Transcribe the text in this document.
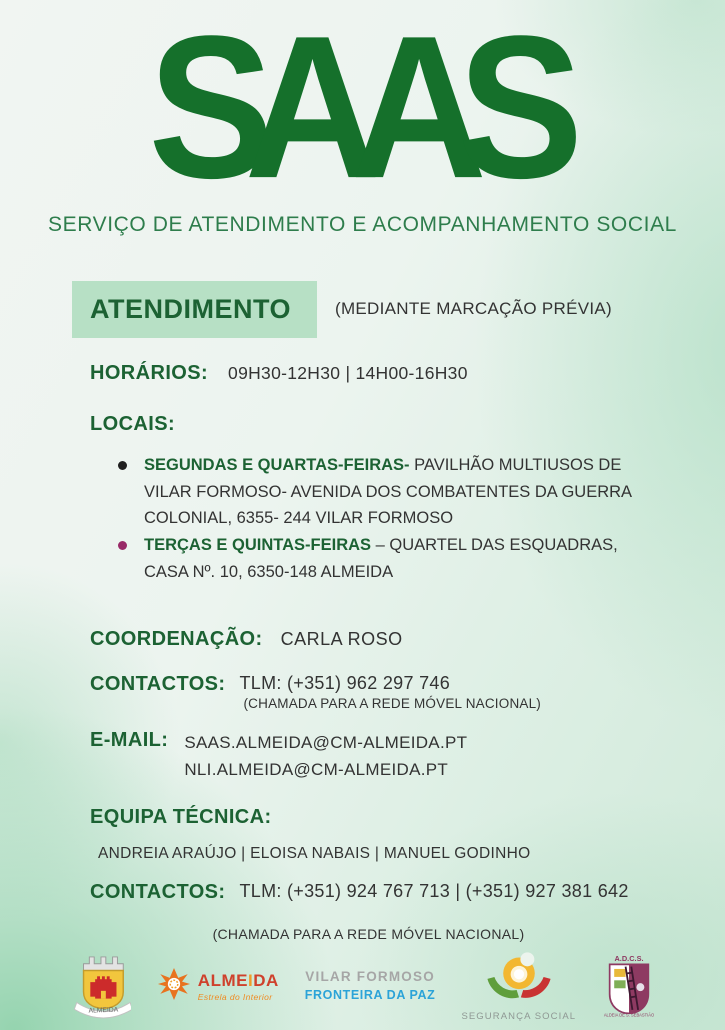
SAAS
SERVIÇO DE ATENDIMENTO E ACOMPANHAMENTO SOCIAL
ATENDIMENTO	(MEDIANTE MARCAÇÃO PRÉVIA)
HORÁRIOS: 09H30-12H30 | 14H00-16H30
LOCAIS:
SEGUNDAS E QUARTAS-FEIRAS- PAVILHÃO MULTIUSOS DE VILAR FORMOSO- AVENIDA DOS COMBATENTES DA GUERRA COLONIAL, 6355- 244 VILAR FORMOSO
TERÇAS E QUINTAS-FEIRAS – QUARTEL DAS ESQUADRAS, CASA Nº. 10, 6350-148 ALMEIDA
COORDENAÇÃO: CARLA ROSO
CONTACTOS: TLM: (+351) 962 297 746
(CHAMADA PARA A REDE MÓVEL NACIONAL)
E-MAIL: SAAS.ALMEIDA@CM-ALMEIDA.PT
NLI.ALMEIDA@CM-ALMEIDA.PT
EQUIPA TÉCNICA:
ANDREIA ARAÚJO | ELOISA NABAIS | MANUEL GODINHO
CONTACTOS: TLM: (+351) 924 767 713 | (+351) 927 381 642
(CHAMADA PARA A REDE MÓVEL NACIONAL)
ALMEIDA
ALMEIDA
Estrela do Interior
VILAR FORMOSO
FRONTEIRA DA PAZ
SEGURANÇA SOCIAL
A.D.C.S.
ALDEIA DE S. SEBASTIÃO
